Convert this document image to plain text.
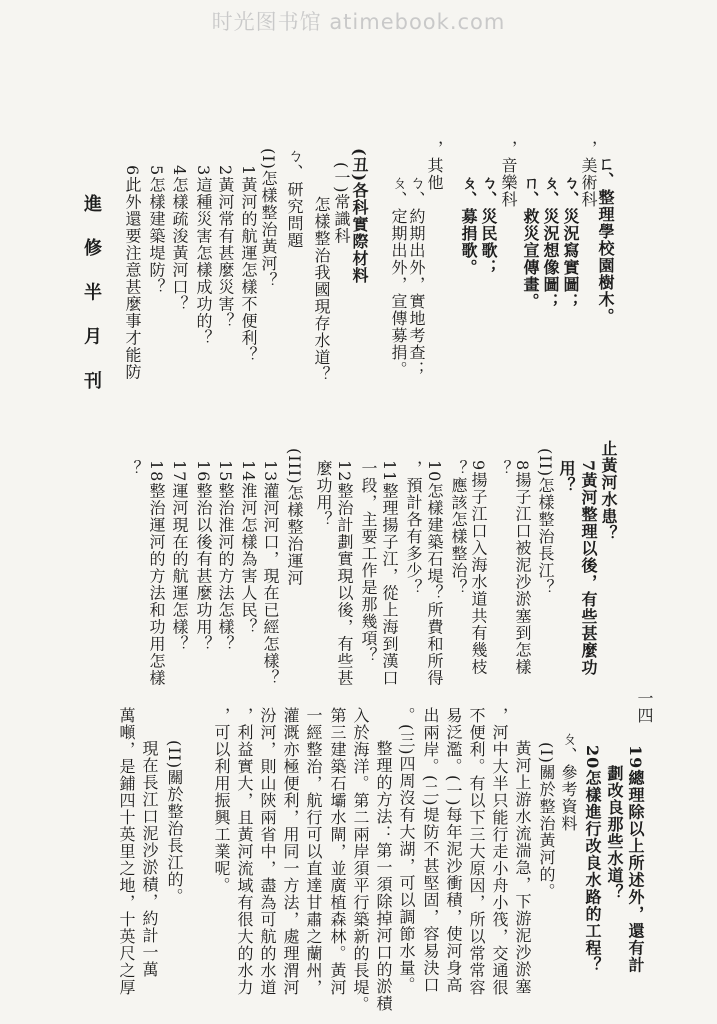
时光图书馆 atimebook.com
進 修 半 月 刊	ㄈ、整理學校園樹木。
，美術科
ㄅ、災況寫實圖；
ㄆ、災況想像圖；
ㄇ、救災宣傳畫。
，音樂科
ㄅ、災民歌；
ㄆ、募捐歌。
，其他
ㄅ、約期出外，實地考查；
ㄆ、定期出外，宣傳募捐。
(丑)各科實際材料
(一)常識科
怎樣整治我國現存水道？
ㄅ、研究問題
(I)怎樣整治黃河？
1黃河的航運怎樣不便利？
2黃河常有甚麼災害？
3這種災害怎樣成功的？
4怎樣疏浚黃河口？
5怎樣建築堤防？
6此外還要注意甚麼事才能防
止黃河水患？
7黃河整理以後，有些甚麼功
用？
(II)怎樣整治長江？
8揚子江口被泥沙淤塞到怎樣
？
9揚子江口入海水道共有幾枝
？應該怎樣整治？
10怎樣建築石堤？所費和所得
，預計各有多少？
11整理揚子江，從上海到漢口
一段，主要工作是那幾項？
12整治計劃實現以後，有些甚
麼功用？
(III)怎樣整治運河
13灌河河口，現在已經怎樣？
14淮河怎樣為害人民？
15整治淮河的方法怎樣？
16整治以後有甚麼功用？
17運河現在的航運怎樣？
18整治運河的方法和功用怎樣
？
19總理除以上所述外，還有計
劃改良那些水道？
20怎樣進行改良水路的工程？
ㄆ、參考資料
(I)關於整治黃河的。
黃河上游水流湍急，下游泥沙淤塞
，河中大半只能行走小舟小筏，交通很
不便利。有以下三大原因，所以常常容
易泛濫。(一)每年泥沙衝積，使河身高
出兩岸。(二)堤防不甚堅固，容易決口
。(三)四周沒有大湖，可以調節水量。
整理的方法：第一須除掉河口的淤積
入於海洋。第二兩岸須平行築新的長堤。
第三建築石壩水閘，並廣植森林。黃河
一經整治，航行可以直達甘肅之蘭州，
灌溉亦極便利，用同一方法，處理渭河
汾河，則山陝兩省中，盡為可航的水道
，利益實大，且黃河流域有很大的水力
，可以利用振興工業呢。
(II)關於整治長江的。
現在長江口泥沙淤積，約計一萬
萬噸，是鋪四十英里之地，十英尺之厚	一四
